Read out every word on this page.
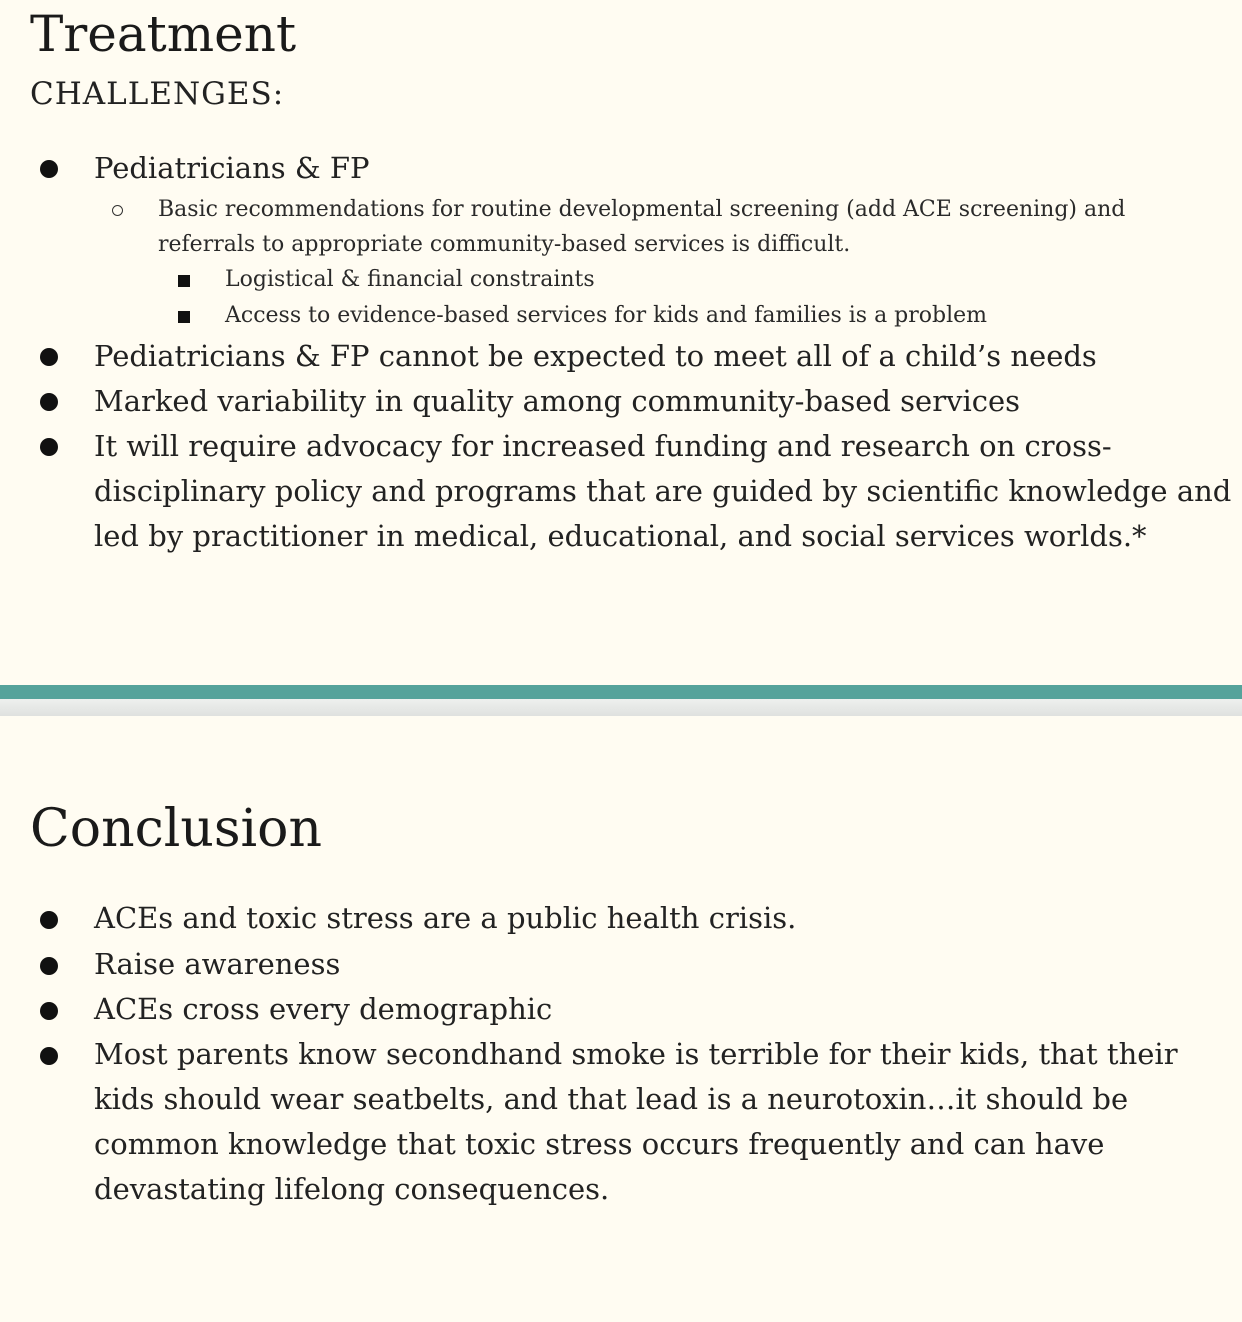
Treatment
CHALLENGES:
Pediatricians & FP
Basic recommendations for routine developmental screening (add ACE screening) and referrals to appropriate community-based services is difficult.
Logistical & financial constraints
Access to evidence-based services for kids and families is a problem
Pediatricians & FP cannot be expected to meet all of a child’s needs
Marked variability in quality among community-based services
It will require advocacy for increased funding and research on cross-disciplinary policy and programs that are guided by scientific knowledge and led by practitioner in medical, educational, and social services worlds.*
Conclusion
ACEs and toxic stress are a public health crisis.
Raise awareness
ACEs cross every demographic
Most parents know secondhand smoke is terrible for their kids, that their kids should wear seatbelts, and that lead is a neurotoxin…it should be common knowledge that toxic stress occurs frequently and can have devastating lifelong consequences.
